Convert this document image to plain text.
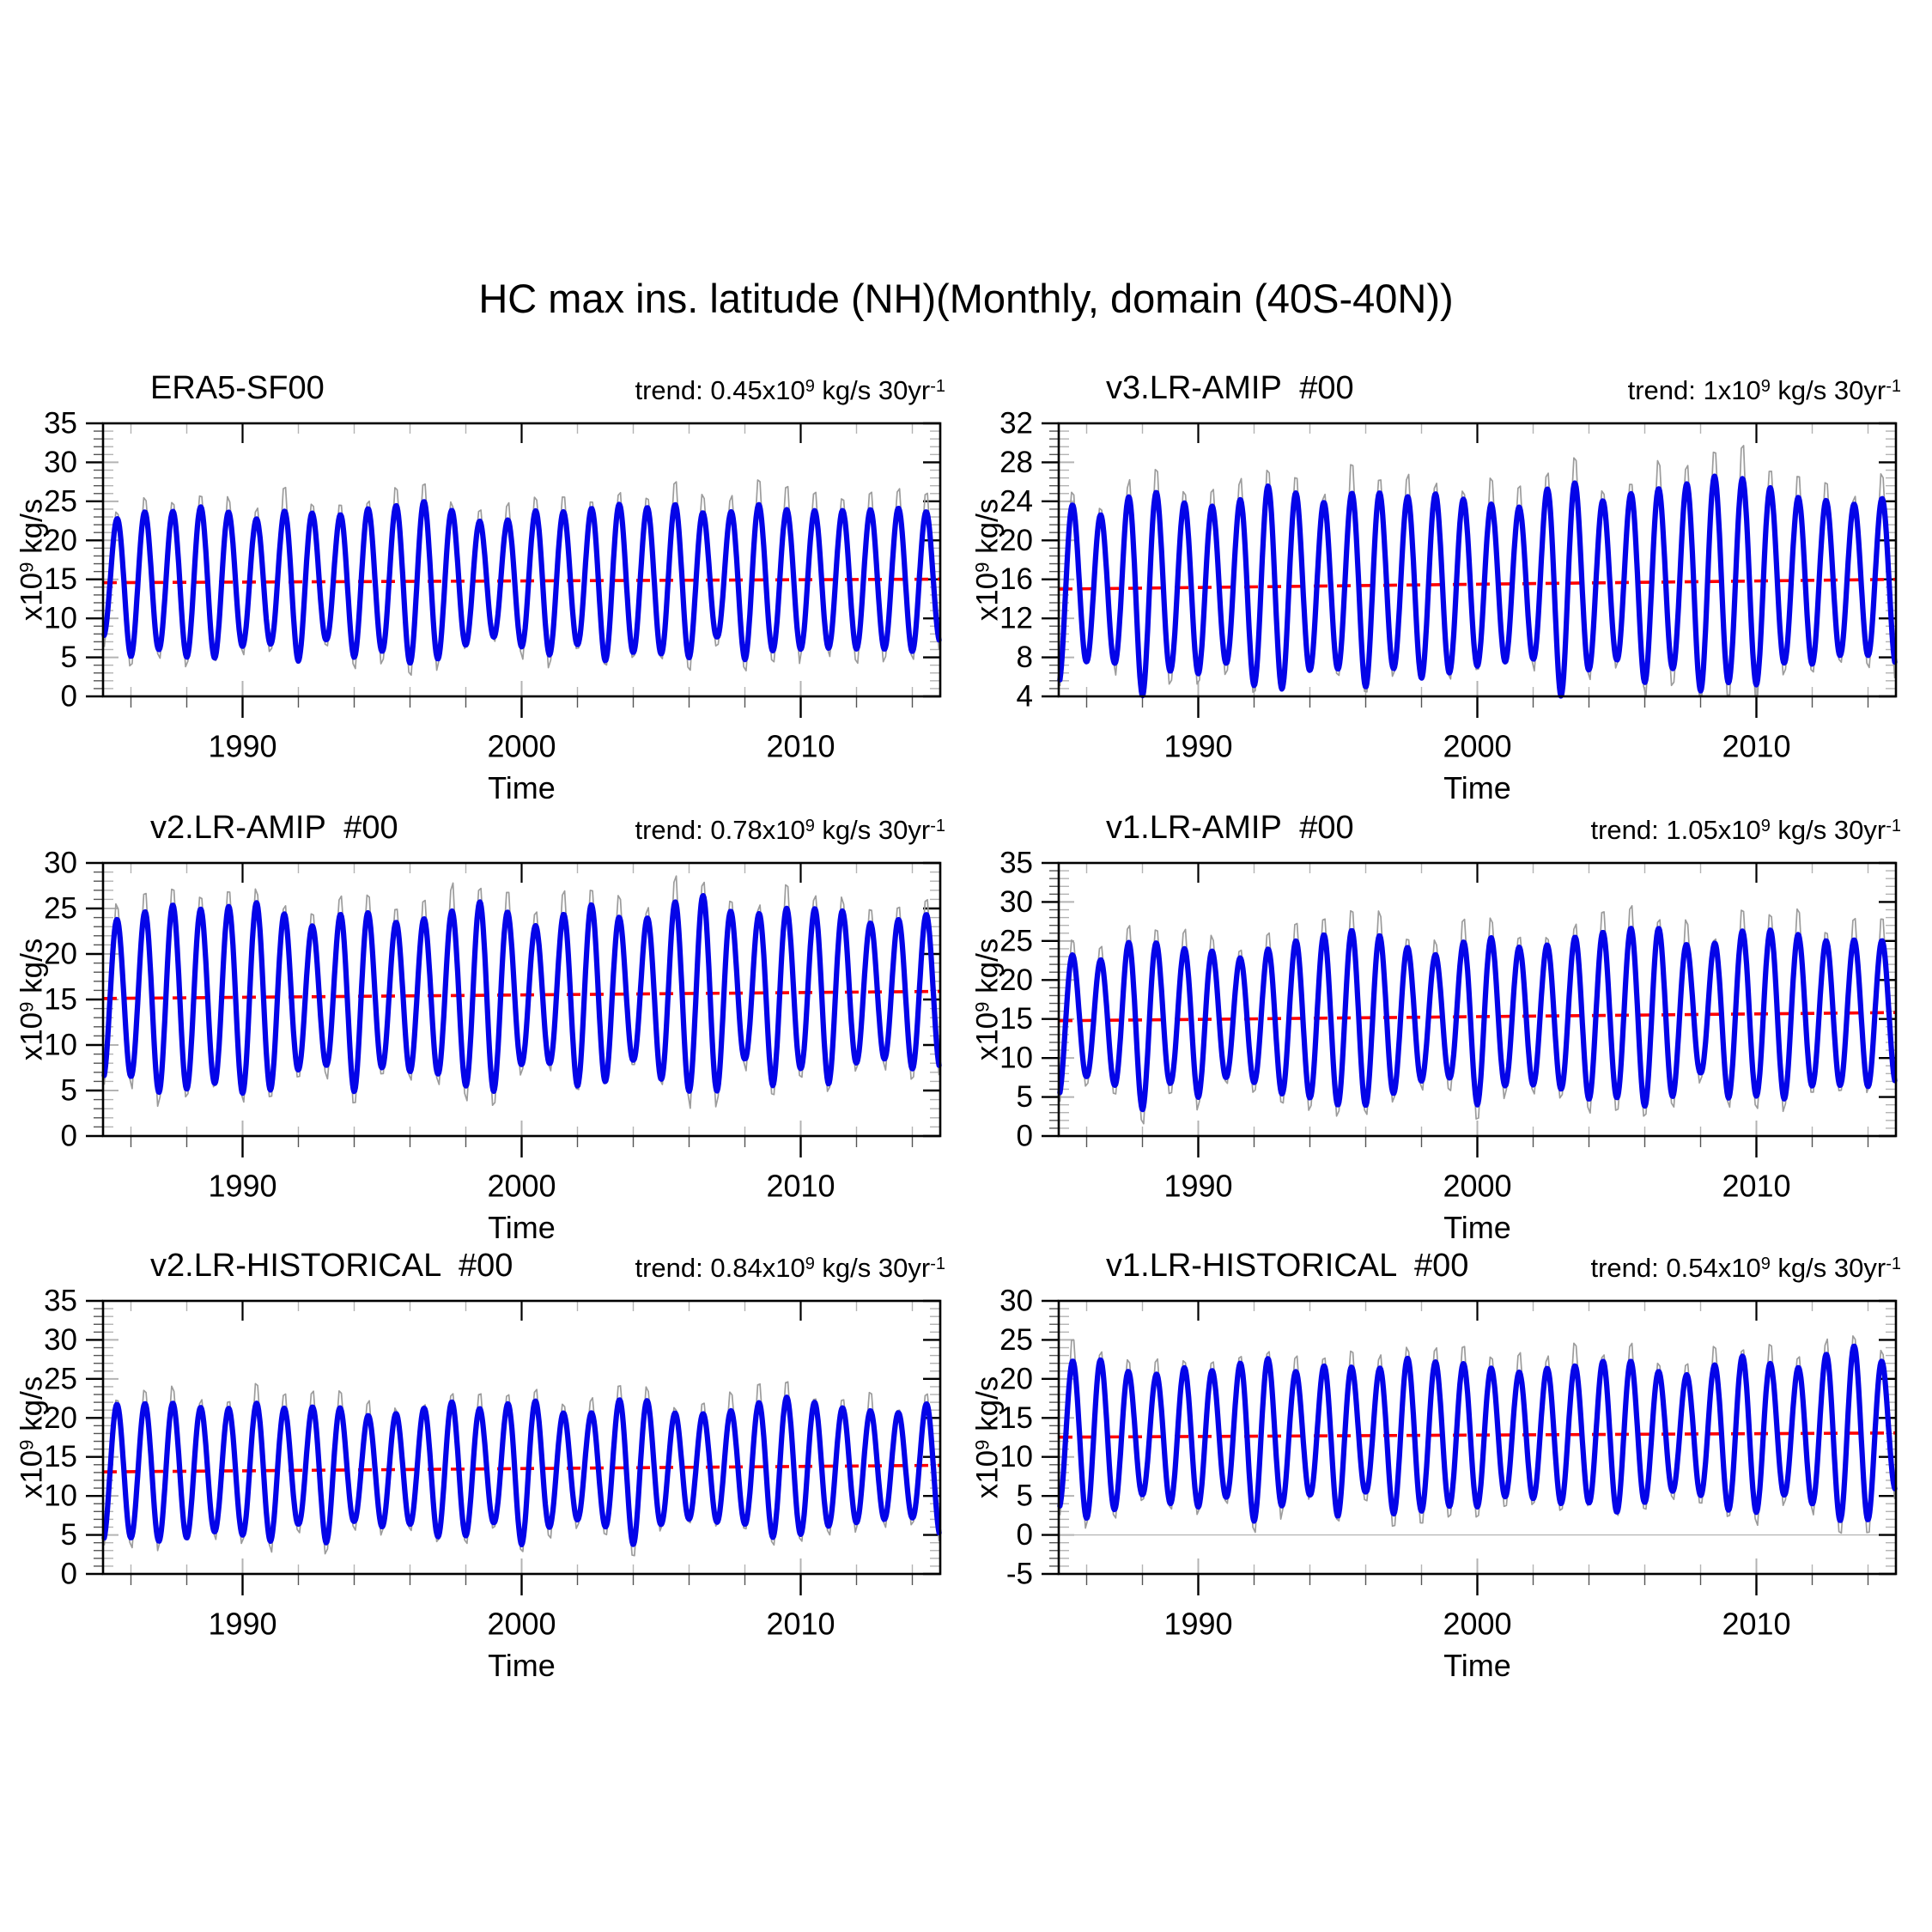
HC max ins. latitude (NH)(Monthly, domain (40S-40N))
ERA5-SF00	trend: $0.45x10^9$ kg/s $30yr^{-1}$
$x10^9$ kg/s
0
5
10
15
20
25
30
35
1990	2000	2010
Time
v3.LR-AMIP  #00	trend: $1x10^9$ kg/s $30yr^{-1}$
$x10^9$ kg/s
4
8
12
16
20
24
28
32
1990	2000	2010
Time
v2.LR-AMIP  #00	trend: $0.78x10^9$ kg/s $30yr^{-1}$
$x10^9$ kg/s
0
5
10
15
20
25
30
1990	2000	2010
Time
v1.LR-AMIP  #00	trend: $1.05x10^9$ kg/s $30yr^{-1}$
$x10^9$ kg/s
0
5
10
15
20
25
30
35
1990	2000	2010
Time
v2.LR-HISTORICAL  #00	trend: $0.84x10^9$ kg/s $30yr^{-1}$
$x10^9$ kg/s
0
5
10
15
20
25
30
35
1990	2000	2010
Time
v1.LR-HISTORICAL  #00	trend: $0.54x10^9$ kg/s $30yr^{-1}$
$x10^9$ kg/s
-5
0
5
10
15
20
25
30
1990	2000	2010
Time
